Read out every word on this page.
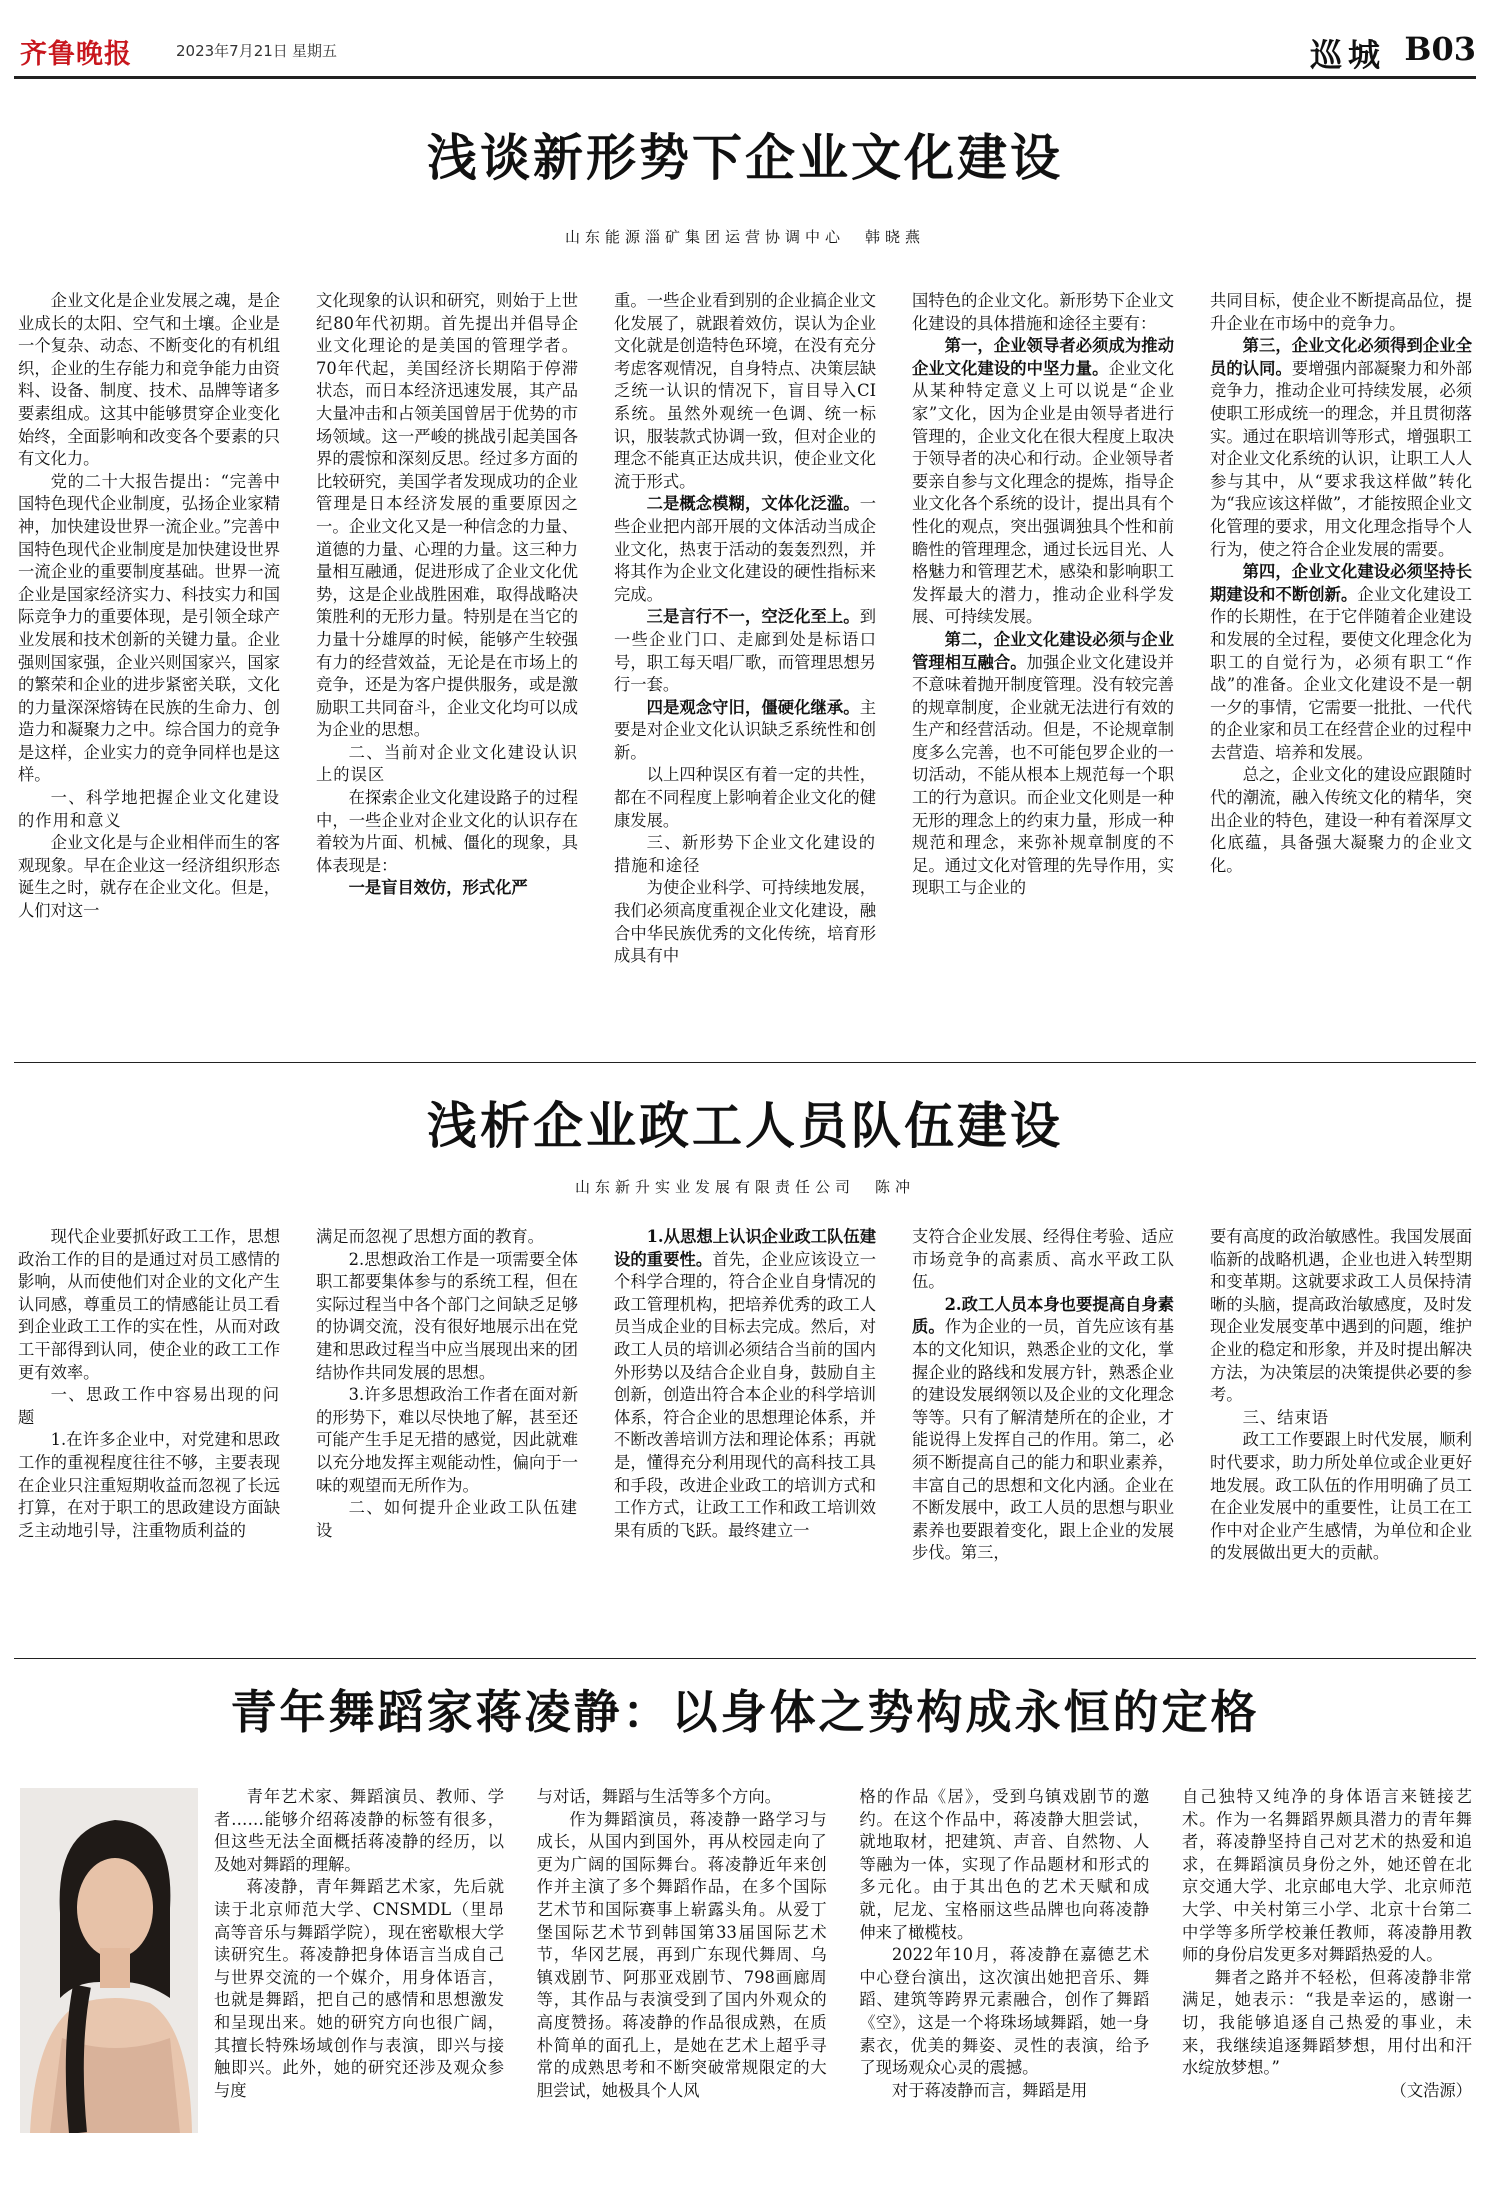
齐鲁晚报	2023年7月21日 星期五	巡城 B03
浅谈新形势下企业文化建设
山东能源淄矿集团运营协调中心　韩晓燕

企业文化是企业发展之魂，是企业成长的太阳、空气和土壤。企业是一个复杂、动态、不断变化的有机组织，企业的生存能力和竞争能力由资料、设备、制度、技术、品牌等诸多要素组成。这其中能够贯穿企业变化始终，全面影响和改变各个要素的只有文化力。

党的二十大报告提出：“完善中国特色现代企业制度，弘扬企业家精神，加快建设世界一流企业。”完善中国特色现代企业制度是加快建设世界一流企业的重要制度基础。世界一流企业是国家经济实力、科技实力和国际竞争力的重要体现，是引领全球产业发展和技术创新的关键力量。企业强则国家强，企业兴则国家兴，国家的繁荣和企业的进步紧密关联，文化的力量深深熔铸在民族的生命力、创造力和凝聚力之中。综合国力的竞争是这样，企业实力的竞争同样也是这样。

一、科学地把握企业文化建设的作用和意义

企业文化是与企业相伴而生的客观现象。早在企业这一经济组织形态诞生之时，就存在企业文化。但是，人们对这一

文化现象的认识和研究，则始于上世纪80年代初期。首先提出并倡导企业文化理论的是美国的管理学者。70年代起，美国经济长期陷于停滞状态，而日本经济迅速发展，其产品大量冲击和占领美国曾居于优势的市场领域。这一严峻的挑战引起美国各界的震惊和深刻反思。经过多方面的比较研究，美国学者发现成功的企业管理是日本经济发展的重要原因之一。企业文化又是一种信念的力量、道德的力量、心理的力量。这三种力量相互融通，促进形成了企业文化优势，这是企业战胜困难，取得战略决策胜利的无形力量。特别是在当它的力量十分雄厚的时候，能够产生较强有力的经营效益，无论是在市场上的竞争，还是为客户提供服务，或是激励职工共同奋斗，企业文化均可以成为企业的思想。

二、当前对企业文化建设认识上的误区

在探索企业文化建设路子的过程中，一些企业对企业文化的认识存在着较为片面、机械、僵化的现象，具体表现是：

一是盲目效仿，形式化严

重。一些企业看到别的企业搞企业文化发展了，就跟着效仿，误认为企业文化就是创造特色环境，在没有充分考虑客观情况，自身特点、决策层缺乏统一认识的情况下，盲目导入CI系统。虽然外观统一色调、统一标识，服装款式协调一致，但对企业的理念不能真正达成共识，使企业文化流于形式。

二是概念模糊，文体化泛滥。一些企业把内部开展的文体活动当成企业文化，热衷于活动的轰轰烈烈，并将其作为企业文化建设的硬性指标来完成。

三是言行不一，空泛化至上。到一些企业门口、走廊到处是标语口号，职工每天唱厂歌，而管理思想另行一套。

四是观念守旧，僵硬化继承。主要是对企业文化认识缺乏系统性和创新。

以上四种误区有着一定的共性，都在不同程度上影响着企业文化的健康发展。

三、新形势下企业文化建设的措施和途径

为使企业科学、可持续地发展，我们必须高度重视企业文化建设，融合中华民族优秀的文化传统，培育形成具有中

国特色的企业文化。新形势下企业文化建设的具体措施和途径主要有：

第一，企业领导者必须成为推动企业文化建设的中坚力量。企业文化从某种特定意义上可以说是“企业家”文化，因为企业是由领导者进行管理的，企业文化在很大程度上取决于领导者的决心和行动。企业领导者要亲自参与文化理念的提炼，指导企业文化各个系统的设计，提出具有个性化的观点，突出强调独具个性和前瞻性的管理理念，通过长远目光、人格魅力和管理艺术，感染和影响职工发挥最大的潜力，推动企业科学发展、可持续发展。

第二，企业文化建设必须与企业管理相互融合。加强企业文化建设并不意味着抛开制度管理。没有较完善的规章制度，企业就无法进行有效的生产和经营活动。但是，不论规章制度多么完善，也不可能包罗企业的一切活动，不能从根本上规范每一个职工的行为意识。而企业文化则是一种无形的理念上的约束力量，形成一种规范和理念，来弥补规章制度的不足。通过文化对管理的先导作用，实现职工与企业的

共同目标，使企业不断提高品位，提升企业在市场中的竞争力。

第三，企业文化必须得到企业全员的认同。要增强内部凝聚力和外部竞争力，推动企业可持续发展，必须使职工形成统一的理念，并且贯彻落实。通过在职培训等形式，增强职工对企业文化系统的认识，让职工人人参与其中，从“要求我这样做”转化为“我应该这样做”，才能按照企业文化管理的要求，用文化理念指导个人行为，使之符合企业发展的需要。

第四，企业文化建设必须坚持长期建设和不断创新。企业文化建设工作的长期性，在于它伴随着企业建设和发展的全过程，要使文化理念化为职工的自觉行为，必须有职工“作战”的准备。企业文化建设不是一朝一夕的事情，它需要一批批、一代代的企业家和员工在经营企业的过程中去营造、培养和发展。

总之，企业文化的建设应跟随时代的潮流，融入传统文化的精华，突出企业的特色，建设一种有着深厚文化底蕴，具备强大凝聚力的企业文化。

浅析企业政工人员队伍建设
山东新升实业发展有限责任公司　陈冲

现代企业要抓好政工工作，思想政治工作的目的是通过对员工感情的影响，从而使他们对企业的文化产生认同感，尊重员工的情感能让员工看到企业政工工作的实在性，从而对政工干部得到认同，使企业的政工工作更有效率。

一、思政工作中容易出现的问题

1.在许多企业中，对党建和思政工作的重视程度往往不够，主要表现在企业只注重短期收益而忽视了长远打算，在对于职工的思政建设方面缺乏主动地引导，注重物质利益的

满足而忽视了思想方面的教育。

2.思想政治工作是一项需要全体职工都要集体参与的系统工程，但在实际过程当中各个部门之间缺乏足够的协调交流，没有很好地展示出在党建和思政过程当中应当展现出来的团结协作共同发展的思想。

3.许多思想政治工作者在面对新的形势下，难以尽快地了解，甚至还可能产生手足无措的感觉，因此就难以充分地发挥主观能动性，偏向于一味的观望而无所作为。

二、如何提升企业政工队伍建设

1.从思想上认识企业政工队伍建设的重要性。首先，企业应该设立一个科学合理的，符合企业自身情况的政工管理机构，把培养优秀的政工人员当成企业的目标去完成。然后，对政工人员的培训必须结合当前的国内外形势以及结合企业自身，鼓励自主创新，创造出符合本企业的科学培训体系，符合企业的思想理论体系，并不断改善培训方法和理论体系；再就是，懂得充分利用现代的高科技工具和手段，改进企业政工的培训方式和工作方式，让政工工作和政工培训效果有质的飞跃。最终建立一

支符合企业发展、经得住考验、适应市场竞争的高素质、高水平政工队伍。

2.政工人员本身也要提高自身素质。作为企业的一员，首先应该有基本的文化知识，熟悉企业的文化，掌握企业的路线和发展方针，熟悉企业的建设发展纲领以及企业的文化理念等等。只有了解清楚所在的企业，才能说得上发挥自己的作用。第二，必须不断提高自己的能力和职业素养，丰富自己的思想和文化内涵。企业在不断发展中，政工人员的思想与职业素养也要跟着变化，跟上企业的发展步伐。第三，

要有高度的政治敏感性。我国发展面临新的战略机遇，企业也进入转型期和变革期。这就要求政工人员保持清晰的头脑，提高政治敏感度，及时发现企业发展变革中遇到的问题，维护企业的稳定和形象，并及时提出解决方法，为决策层的决策提供必要的参考。

三、结束语

政工工作要跟上时代发展，顺利时代要求，助力所处单位或企业更好地发展。政工队伍的作用明确了员工在企业发展中的重要性，让员工在工作中对企业产生感情，为单位和企业的发展做出更大的贡献。

青年舞蹈家蒋凌静：以身体之势构成永恒的定格

青年艺术家、舞蹈演员、教师、学者……能够介绍蒋凌静的标签有很多，但这些无法全面概括蒋凌静的经历，以及她对舞蹈的理解。

蒋凌静，青年舞蹈艺术家，先后就读于北京师范大学、CNSMDL（里昂高等音乐与舞蹈学院），现在密歇根大学读研究生。蒋凌静把身体语言当成自己与世界交流的一个媒介，用身体语言，也就是舞蹈，把自己的感情和思想激发和呈现出来。她的研究方向也很广阔，其擅长特殊场域创作与表演，即兴与接触即兴。此外，她的研究还涉及观众参与度

与对话，舞蹈与生活等多个方向。

作为舞蹈演员，蒋凌静一路学习与成长，从国内到国外，再从校园走向了更为广阔的国际舞台。蒋凌静近年来创作并主演了多个舞蹈作品，在多个国际艺术节和国际赛事上崭露头角。从爱丁堡国际艺术节到韩国第33届国际艺术节，华冈艺展，再到广东现代舞周、乌镇戏剧节、阿那亚戏剧节、798画廊周等，其作品与表演受到了国内外观众的高度赞扬。蒋凌静的作品很成熟，在质朴简单的面孔上，是她在艺术上超乎寻常的成熟思考和不断突破常规限定的大胆尝试，她极具个人风

格的作品《居》，受到乌镇戏剧节的邀约。在这个作品中，蒋凌静大胆尝试，就地取材，把建筑、声音、自然物、人等融为一体，实现了作品题材和形式的多元化。由于其出色的艺术天赋和成就，尼龙、宝格丽这些品牌也向蒋凌静伸来了橄榄枝。

2022年10月，蒋凌静在嘉德艺术中心登台演出，这次演出她把音乐、舞蹈、建筑等跨界元素融合，创作了舞蹈《空》，这是一个将珠场域舞蹈，她一身素衣，优美的舞姿、灵性的表演，给予了现场观众心灵的震撼。

对于蒋凌静而言，舞蹈是用

自己独特又纯净的身体语言来链接艺术。作为一名舞蹈界颇具潜力的青年舞者，蒋凌静坚持自己对艺术的热爱和追求，在舞蹈演员身份之外，她还曾在北京交通大学、北京邮电大学、北京师范大学、中关村第三小学、北京十台第二中学等多所学校兼任教师，蒋凌静用教师的身份启发更多对舞蹈热爱的人。

舞者之路并不轻松，但蒋凌静非常满足，她表示：“我是幸运的，感谢一切，我能够追逐自己热爱的事业，未来，我继续追逐舞蹈梦想，用付出和汗水绽放梦想。”

（文浩源）
